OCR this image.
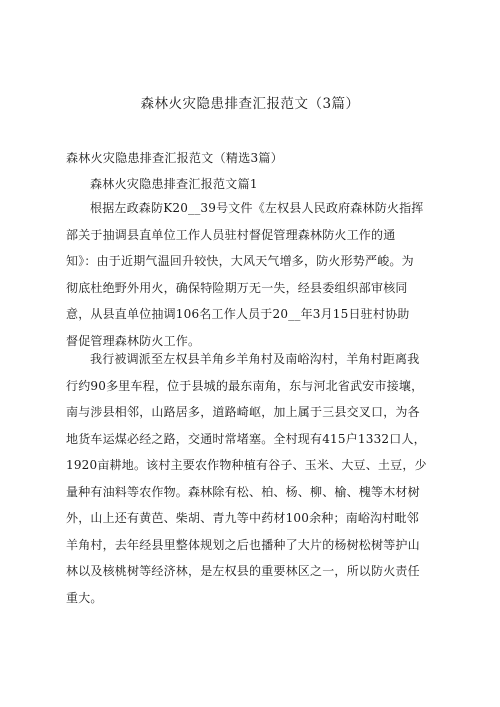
森林火灾隐患排查汇报范文（3篇）
森林火灾隐患排查汇报范文（精选3篇）
森林火灾隐患排查汇报范文篇1
根据左政森防K20__39号文件《左权县人民政府森林防火指挥
部关于抽调县直单位工作人员驻村督促管理森林防火工作的通
知》：由于近期气温回升较快，大风天气增多，防火形势严峻。为
彻底杜绝野外用火，确保特险期万无一失，经县委组织部审核同
意，从县直单位抽调106名工作人员于20__年3月15日驻村协助
督促管理森林防火工作。
我行被调派至左权县羊角乡羊角村及南峪沟村，羊角村距离我
行约90多里车程，位于县城的最东南角，东与河北省武安市接壤，
南与涉县相邻，山路居多，道路崎岖，加上属于三县交叉口，为各
地货车运煤必经之路，交通时常堵塞。全村现有415户1332口人，
1920亩耕地。该村主要农作物种植有谷子、玉米、大豆、土豆，少
量种有油料等农作物。森林除有松、柏、杨、柳、榆、槐等木材树
外，山上还有黄芭、柴胡、青九等中药材100余种；南峪沟村毗邻
羊角村，去年经县里整体规划之后也播种了大片的杨树松树等护山
林以及核桃树等经济林，是左权县的重要林区之一，所以防火责任
重大。
